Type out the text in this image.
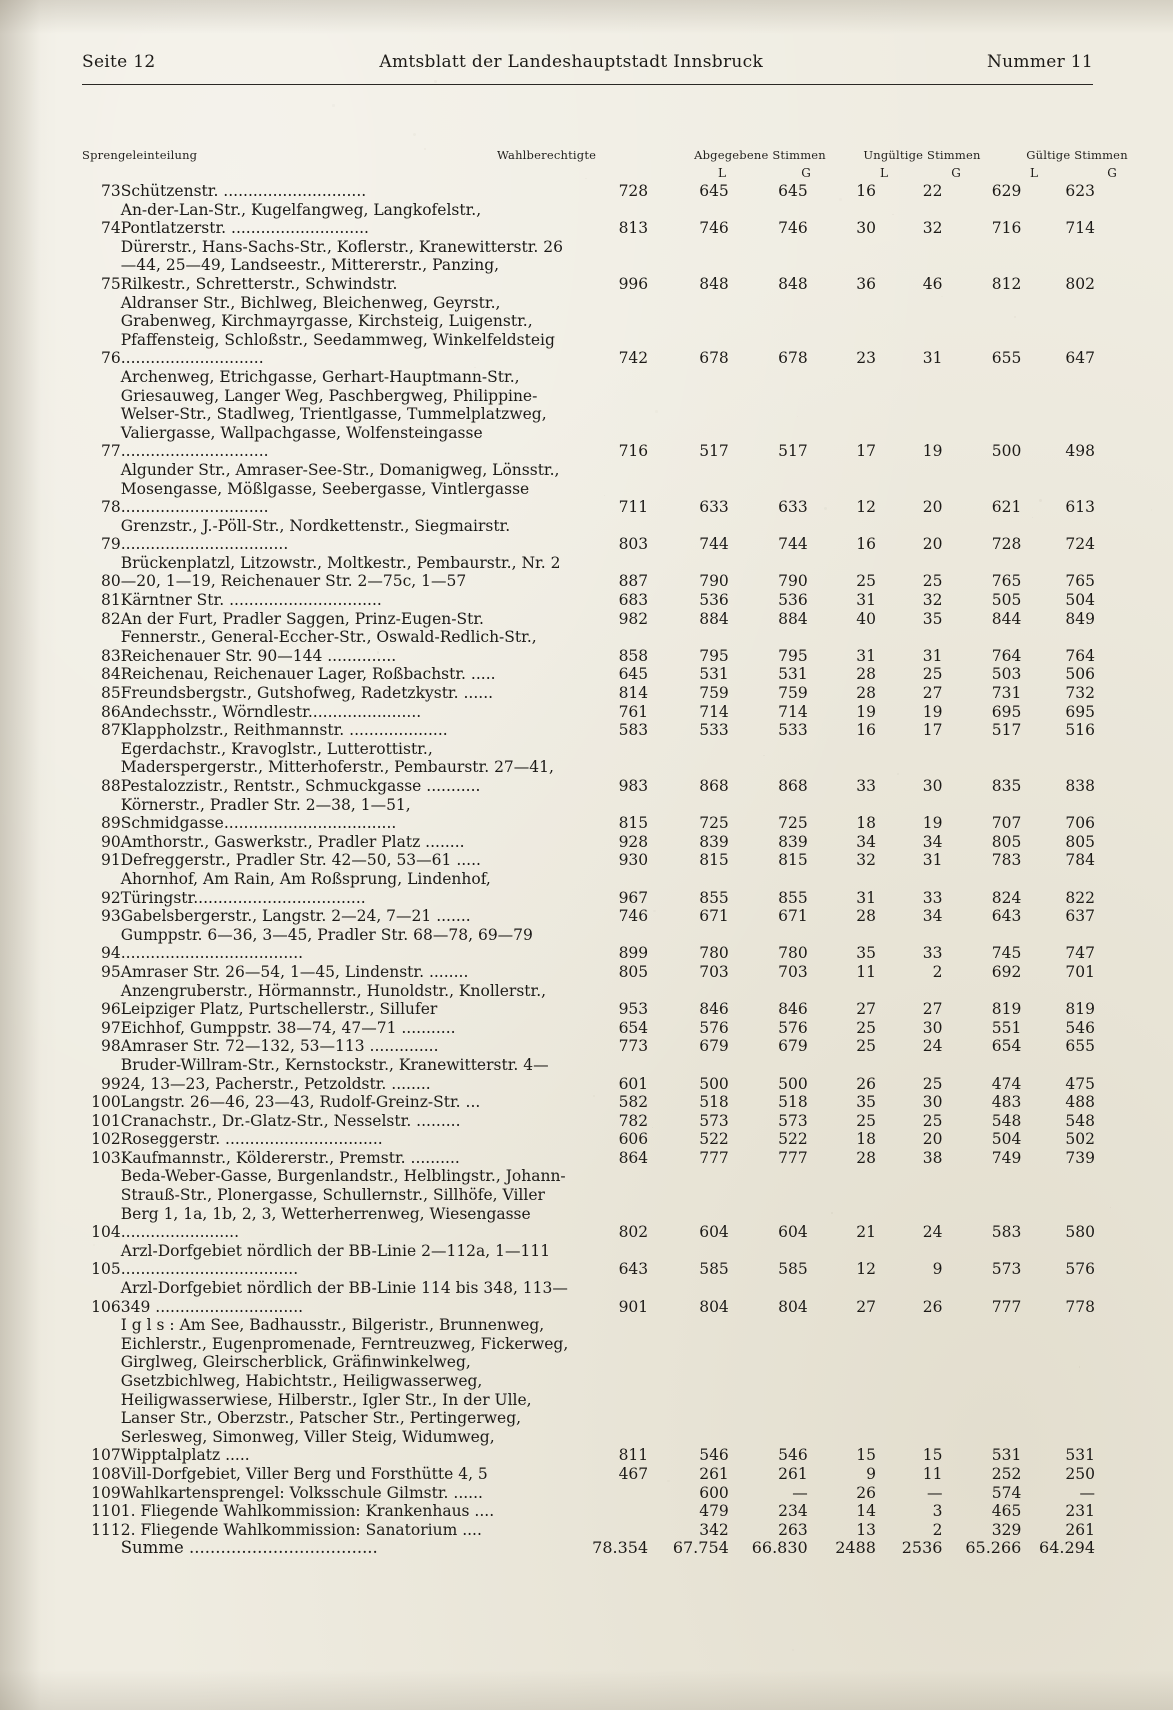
Seite 12	Amtsblatt der Landeshauptstadt Innsbruck	Nummer 11
Sprengeleinteilung	Wahlberechtigte	Abgegebene Stimmen	Ungültige Stimmen	Gültige Stimmen
L	G	L	G	L	G
73	Schützenstr. .............................	728	645	645	16	22	629	623
74	An-der-Lan-Str., Kugelfangweg, Langkofelstr., Pontlatzerstr. ............................	813	746	746	30	32	716	714
75	Dürerstr., Hans-Sachs-Str., Koflerstr., Kranewitterstr. 26—44, 25—49, Landseestr., Mittererstr., Panzing, Rilkestr., Schretterstr., Schwindstr.	996	848	848	36	46	812	802
76	Aldranser Str., Bichlweg, Bleichenweg, Geyrstr., Grabenweg, Kirchmayrgasse, Kirchsteig, Luigenstr., Pfaffensteig, Schloßstr., Seedammweg, Winkelfeldsteig .............................	742	678	678	23	31	655	647
77	Archenweg, Etrichgasse, Gerhart-Hauptmann-Str., Griesauweg, Langer Weg, Paschbergweg, Philippine-Welser-Str., Stadlweg, Trientlgasse, Tummelplatzweg, Valiergasse, Wallpachgasse, Wolfensteingasse ..............................	716	517	517	17	19	500	498
78	Algunder Str., Amraser-See-Str., Domanigweg, Lönsstr., Mosengasse, Mößlgasse, Seebergasse, Vintlergasse ..............................	711	633	633	12	20	621	613
79	Grenzstr., J.-Pöll-Str., Nordkettenstr., Siegmairstr. ..................................	803	744	744	16	20	728	724
80	Brückenplatzl, Litzowstr., Moltkestr., Pembaurstr., Nr. 2—20, 1—19, Reichenauer Str. 2—75c, 1—57	887	790	790	25	25	765	765
81	Kärntner Str. ...............................	683	536	536	31	32	505	504
82	An der Furt, Pradler Saggen, Prinz-Eugen-Str.	982	884	884	40	35	844	849
83	Fennerstr., General-Eccher-Str., Oswald-Redlich-Str., Reichenauer Str. 90—144 ..............	858	795	795	31	31	764	764
84	Reichenau, Reichenauer Lager, Roßbachstr. .....	645	531	531	28	25	503	506
85	Freundsbergstr., Gutshofweg, Radetzkystr. ......	814	759	759	28	27	731	732
86	Andechsstr., Wörndlestr.......................	761	714	714	19	19	695	695
87	Klappholzstr., Reithmannstr. ....................	583	533	533	16	17	517	516
88	Egerdachstr., Kravoglstr., Lutterottistr., Maderspergerstr., Mitterhoferstr., Pembaurstr. 27—41, Pestalozzistr., Rentstr., Schmuckgasse ...........	983	868	868	33	30	835	838
89	Körnerstr., Pradler Str. 2—38, 1—51, Schmidgasse...................................	815	725	725	18	19	707	706
90	Amthorstr., Gaswerkstr., Pradler Platz ........	928	839	839	34	34	805	805
91	Defreggerstr., Pradler Str. 42—50, 53—61 .....	930	815	815	32	31	783	784
92	Ahornhof, Am Rain, Am Roßsprung, Lindenhof, Türingstr...................................	967	855	855	31	33	824	822
93	Gabelsbergerstr., Langstr. 2—24, 7—21 .......	746	671	671	28	34	643	637
94	Gumppstr. 6—36, 3—45, Pradler Str. 68—78, 69—79 .....................................	899	780	780	35	33	745	747
95	Amraser Str. 26—54, 1—45, Lindenstr. ........	805	703	703	11	2	692	701
96	Anzengruberstr., Hörmannstr., Hunoldstr., Knollerstr., Leipziger Platz, Purtschellerstr., Sillufer	953	846	846	27	27	819	819
97	Eichhof, Gumppstr. 38—74, 47—71 ...........	654	576	576	25	30	551	546
98	Amraser Str. 72—132, 53—113 ..............	773	679	679	25	24	654	655
99	Bruder-Willram-Str., Kernstockstr., Kranewitterstr. 4—24, 13—23, Pacherstr., Petzoldstr. ........	601	500	500	26	25	474	475
100	Langstr. 26—46, 23—43, Rudolf-Greinz-Str. ...	582	518	518	35	30	483	488
101	Cranachstr., Dr.-Glatz-Str., Nesselstr. .........	782	573	573	25	25	548	548
102	Roseggerstr. ................................	606	522	522	18	20	504	502
103	Kaufmannstr., Köldererstr., Premstr. ..........	864	777	777	28	38	749	739
104	Beda-Weber-Gasse, Burgenlandstr., Helblingstr., Johann-Strauß-Str., Plonergasse, Schullernstr., Sillhöfe, Viller Berg 1, 1a, 1b, 2, 3, Wetterherrenweg, Wiesengasse ........................	802	604	604	21	24	583	580
105	Arzl-Dorfgebiet nördlich der BB-Linie 2—112a, 1—111 ....................................	643	585	585	12	9	573	576
106	Arzl-Dorfgebiet nördlich der BB-Linie 114 bis 348, 113—349 ..............................	901	804	804	27	26	777	778
107	I g l s : Am See, Badhausstr., Bilgeristr., Brunnenweg, Eichlerstr., Eugenpromenade, Ferntreuzweg, Fickerweg, Girglweg, Gleirscherblick, Gräfinwinkelweg, Gsetzbichlweg, Habichtstr., Heiligwasserweg, Heiligwasserwiese, Hilberstr., Igler Str., In der Ulle, Lanser Str., Oberzstr., Patscher Str., Pertingerweg, Serlesweg, Simonweg, Viller Steig, Widumweg, Wipptalplatz .....	811	546	546	15	15	531	531
108	Vill-Dorfgebiet, Viller Berg und Forsthütte 4, 5	467	261	261	9	11	252	250
109	Wahlkartensprengel: Volksschule Gilmstr. ......		600	—	26	—	574	—
110	1. Fliegende Wahlkommission: Krankenhaus ....		479	234	14	3	465	231
111	2. Fliegende Wahlkommission: Sanatorium ....		342	263	13	2	329	261
	Summe ....................................	78.354	67.754	66.830	2488	2536	65.266	64.294
